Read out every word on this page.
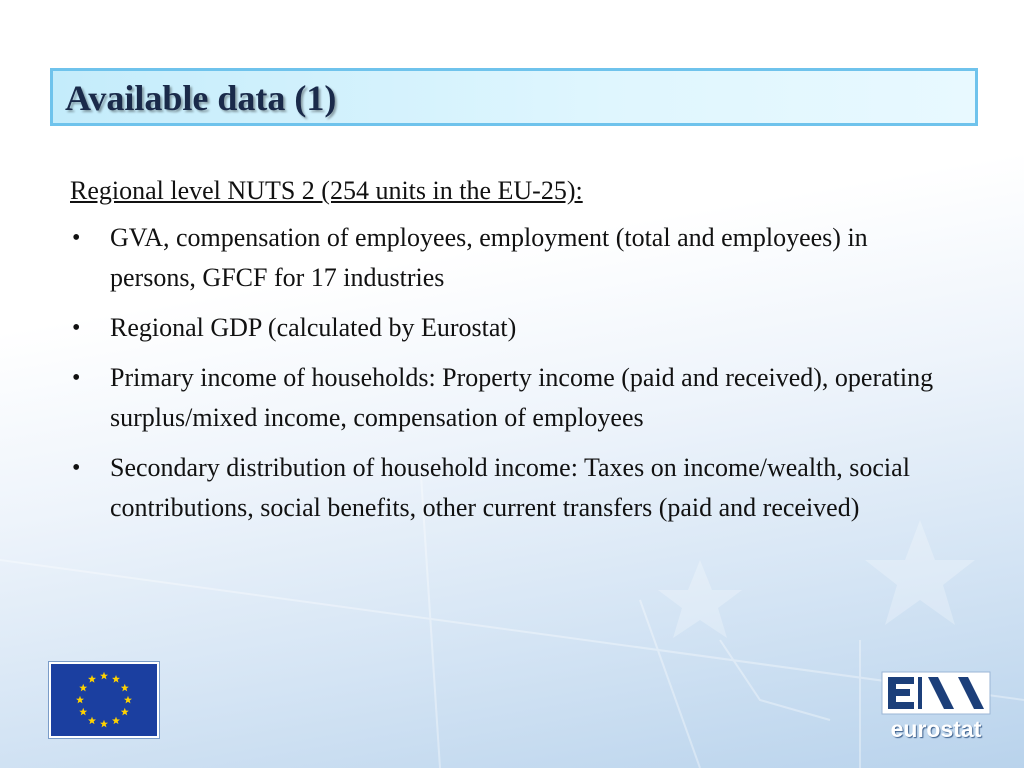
Available data (1)
Regional level NUTS 2 (254 units in the EU-25):
• GVA, compensation of employees, employment (total and employees) in persons, GFCF for 17 industries
• Regional GDP (calculated by Eurostat)
• Primary income of households: Property income (paid and received), operating surplus/mixed income, compensation of employees
• Secondary distribution of household income: Taxes on income/wealth, social contributions, social benefits, other current transfers (paid and received)
eurostat
